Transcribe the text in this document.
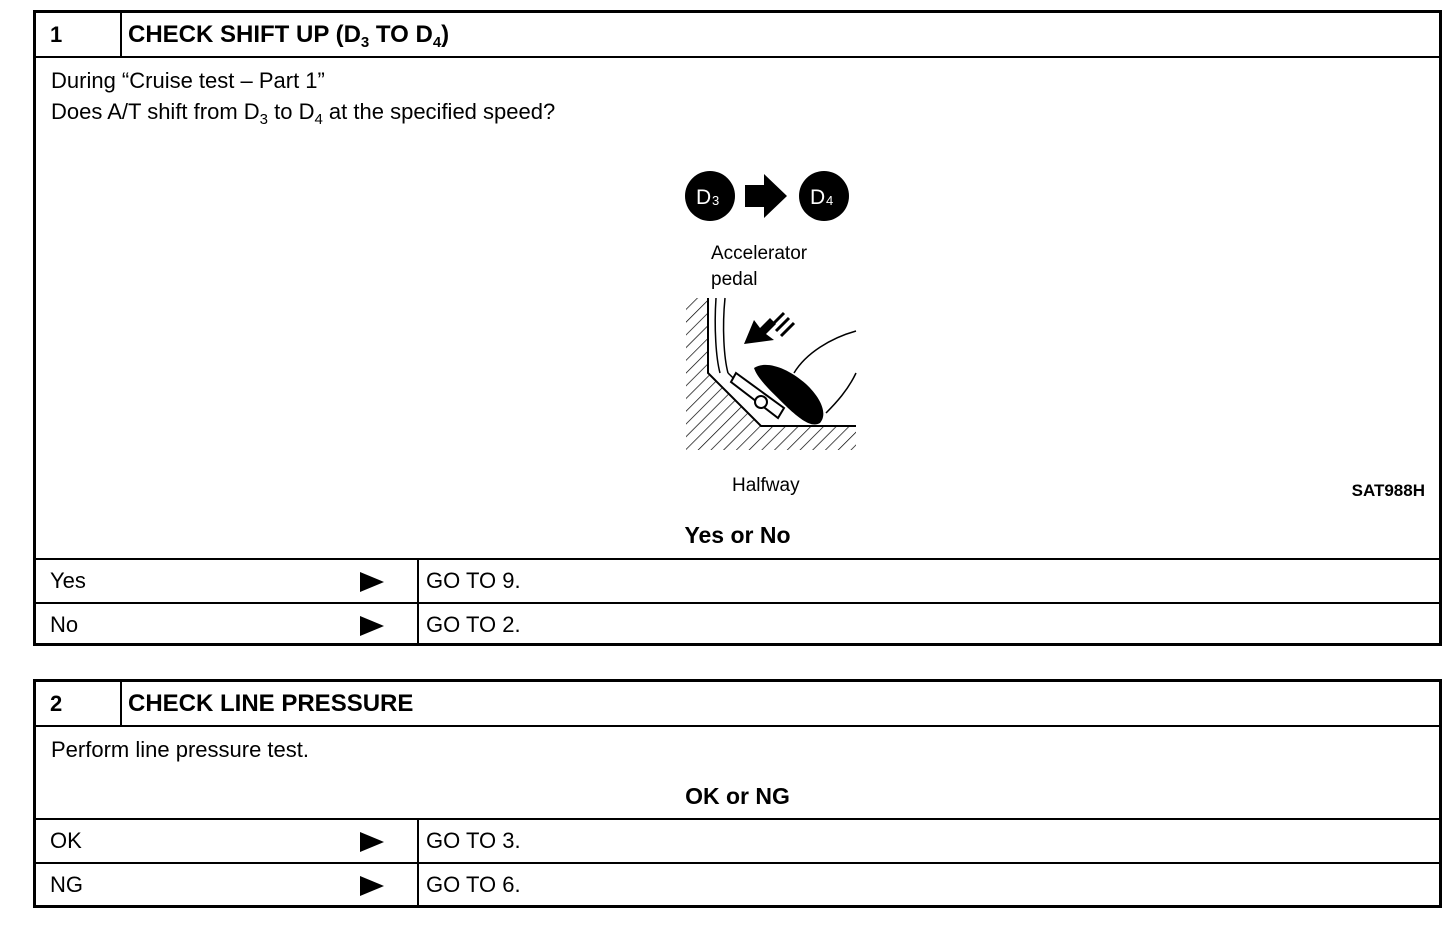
1	CHECK SHIFT UP ($D_3$ TO $D_4$)
During “Cruise test – Part 1”
Does A/T shift from $D_3$ to $D_4$ at the specified speed?
D 3	D 4
Accelerator
pedal
Halfway	SAT988H
Yes or No
Yes	GO TO 9.
No	GO TO 2.
2	CHECK LINE PRESSURE
Perform line pressure test.
OK or NG
OK	GO TO 3.
NG	GO TO 6.
